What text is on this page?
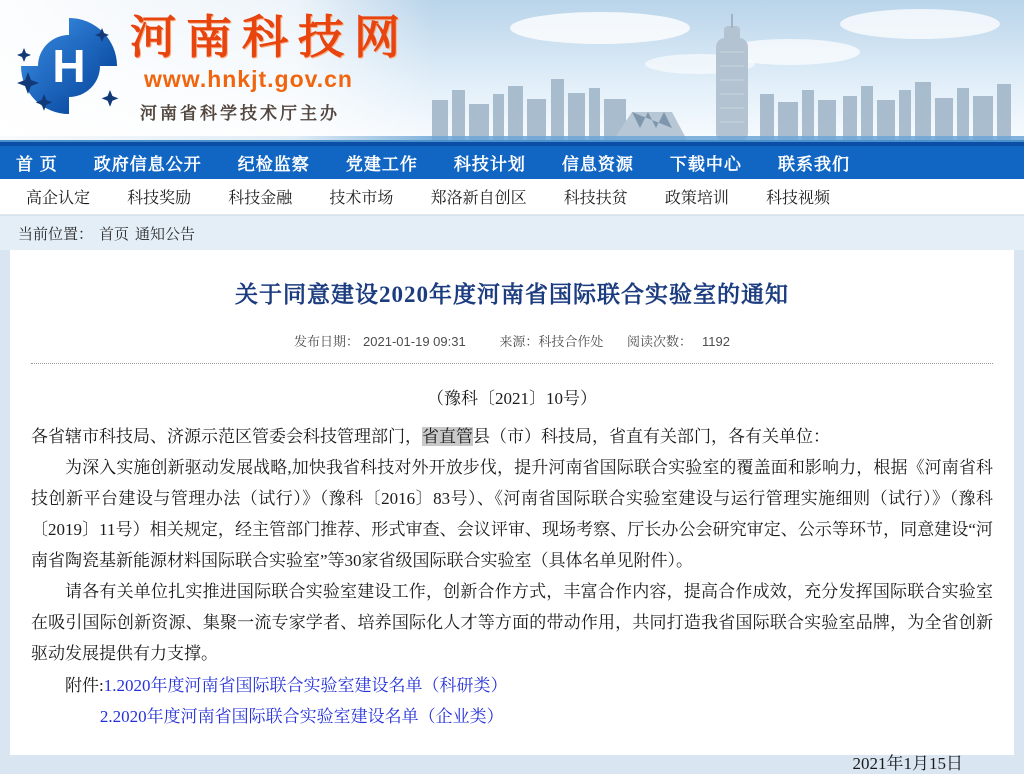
H
河南科技网
www.hnkjt.gov.cn
河南省科学技术厅主办
首 页 政府信息公开 纪检监察 党建工作 科技计划 信息资源 下载中心 联系我们
高企认定 科技奖励 科技金融 技术市场 郑洛新自创区 科技扶贫 政策培训 科技视频
当前位置： 首页 通知公告
关于同意建设2020年度河南省国际联合实验室的通知
发布日期： 2021-01-19 09:31	来源：科技合作处 阅读次数： 1192
（豫科〔2021〕10号）

各省辖市科技局、济源示范区管委会科技管理部门，省直管县（市）科技局，省直有关部门，各有关单位：

为深入实施创新驱动发展战略,加快我省科技对外开放步伐，提升河南省国际联合实验室的覆盖面和影响力，根据《河南省科技创新平台建设与管理办法（试行）》（豫科〔2016〕83号）、《河南省国际联合实验室建设与运行管理实施细则（试行）》（豫科〔2019〕11号）相关规定，经主管部门推荐、形式审查、会议评审、现场考察、厅长办公会研究审定、公示等环节，同意建设“河南省陶瓷基新能源材料国际联合实验室”等30家省级国际联合实验室（具体名单见附件）。

请各有关单位扎实推进国际联合实验室建设工作，创新合作方式，丰富合作内容，提高合作成效，充分发挥国际联合实验室在吸引国际创新资源、集聚一流专家学者、培养国际化人才等方面的带动作用，共同打造我省国际联合实验室品牌，为全省创新驱动发展提供有力支撑。

附件:1.2020年度河南省国际联合实验室建设名单（科研类）
2.2020年度河南省国际联合实验室建设名单（企业类）
2021年1月15日
